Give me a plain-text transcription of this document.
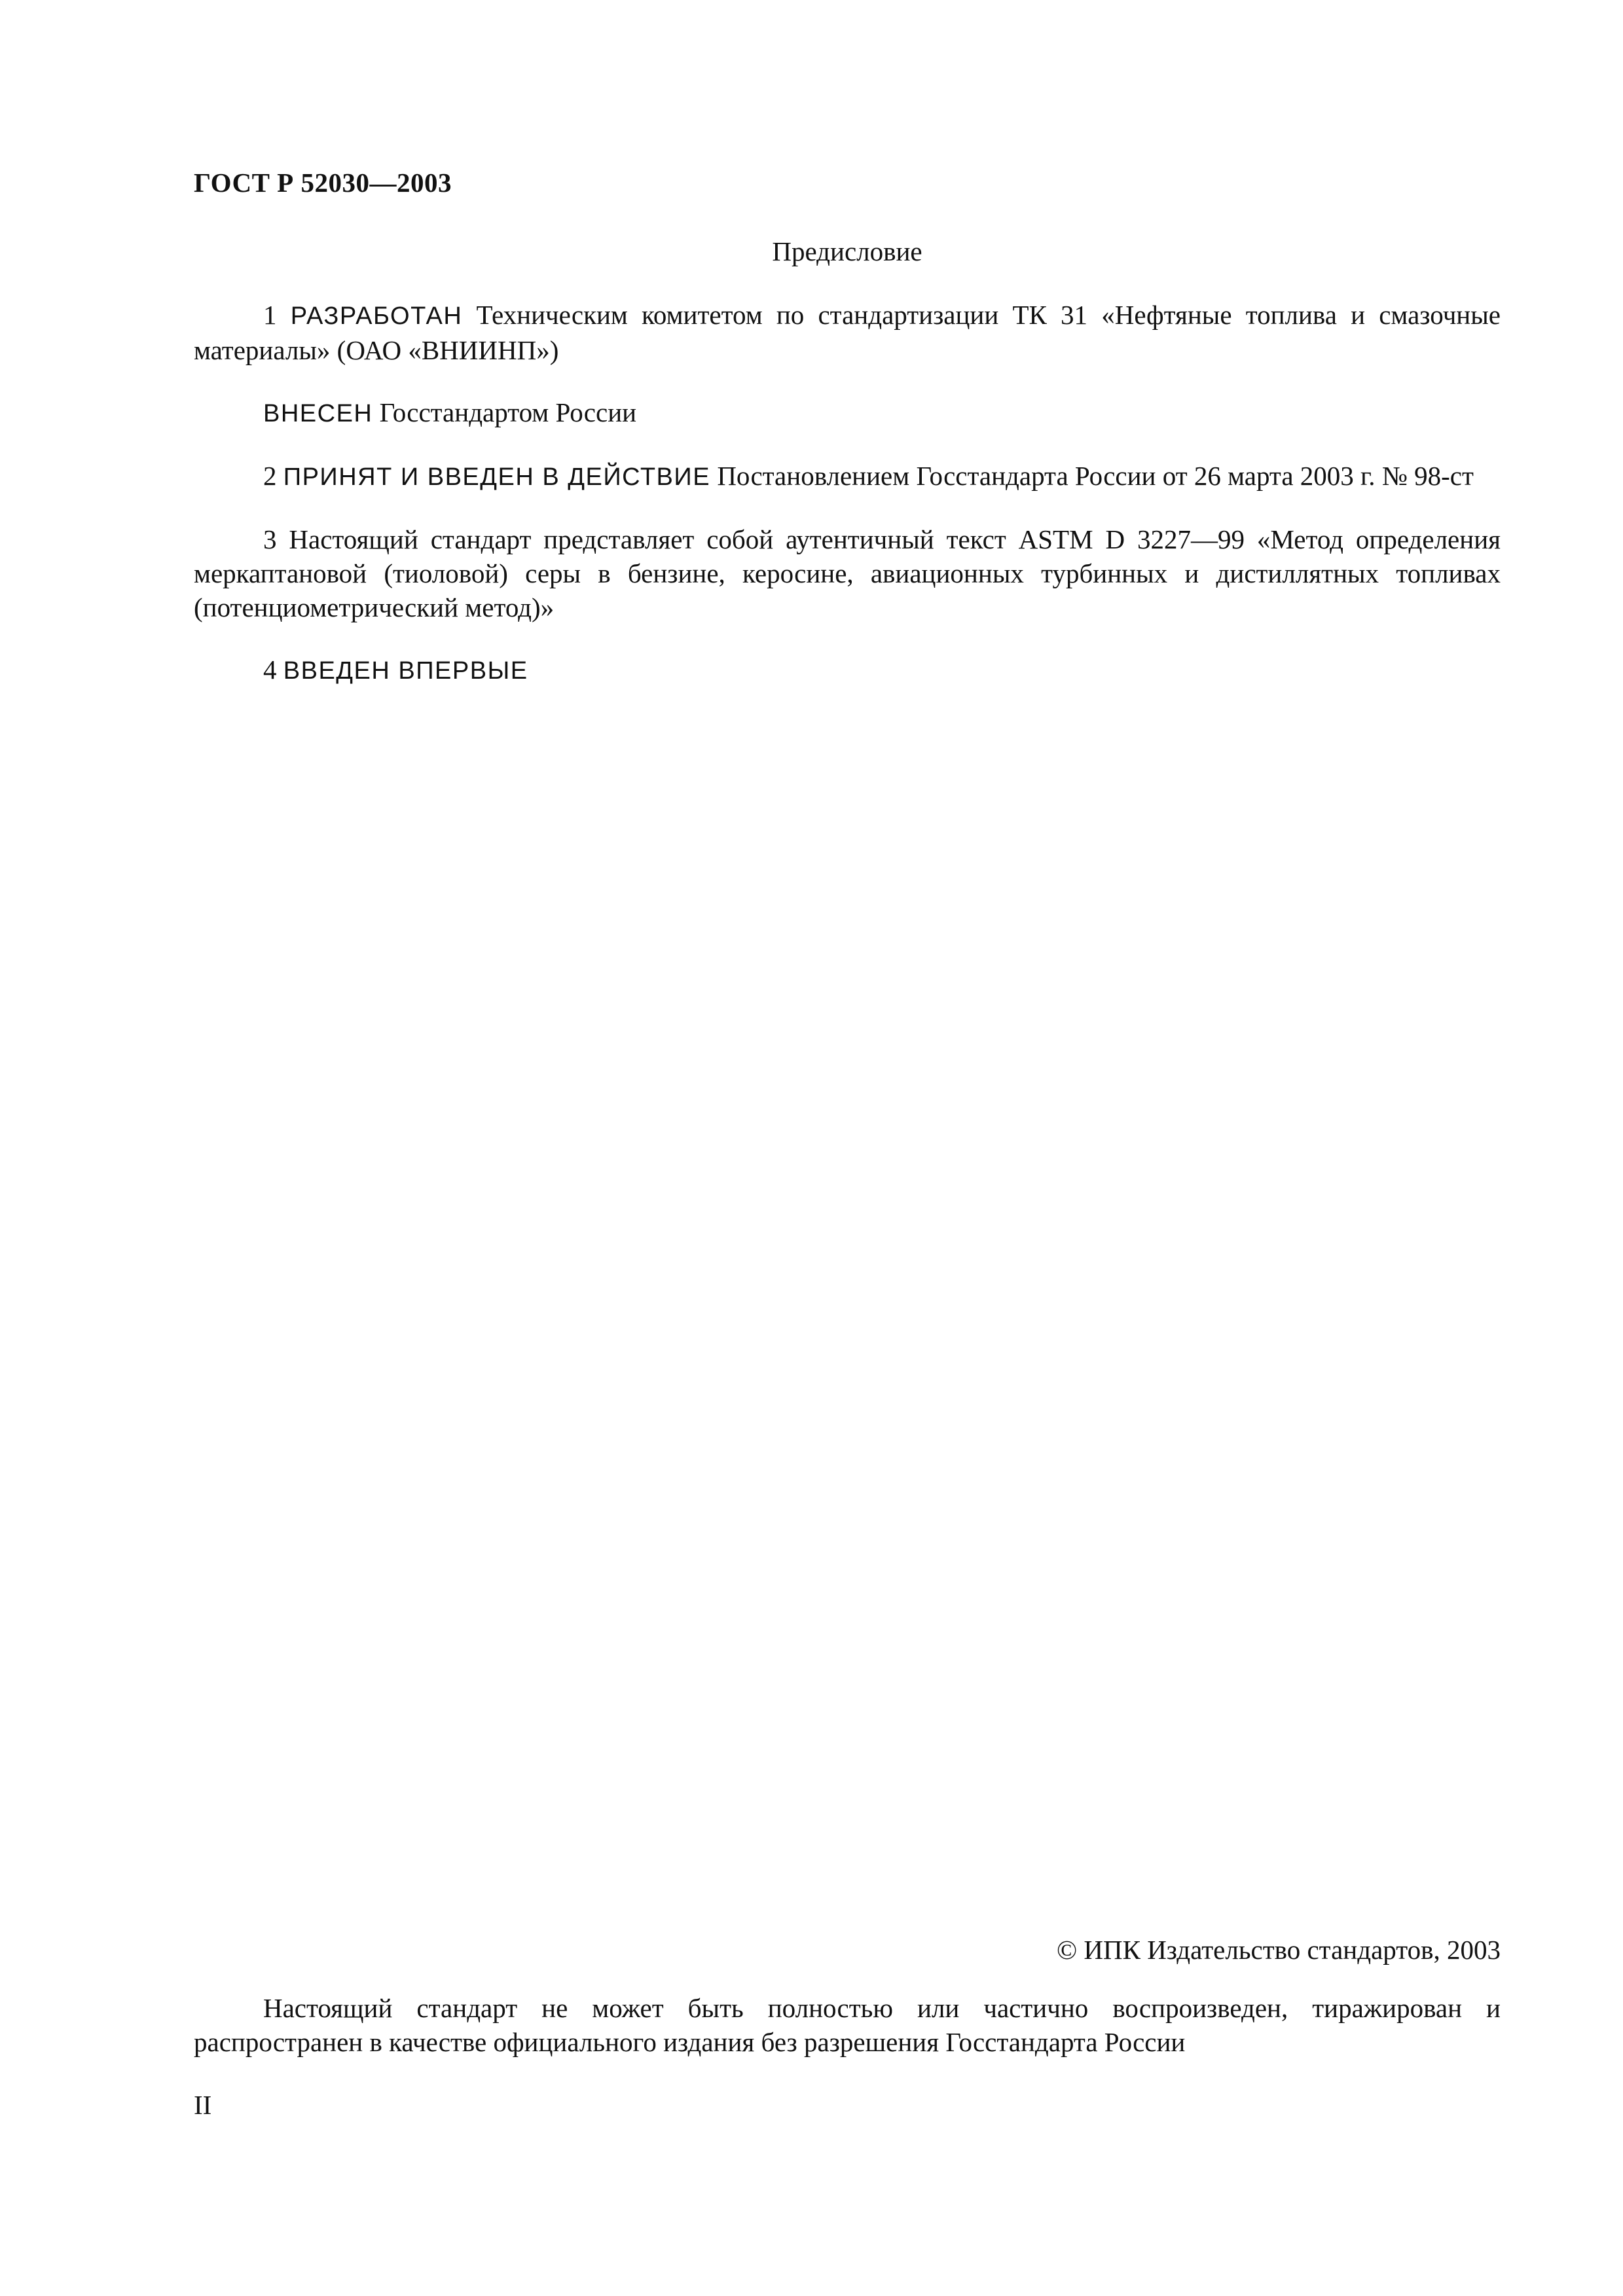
ГОСТ Р 52030—2003
Предисловие

1 РАЗРАБОТАН Техническим комитетом по стандартизации ТК 31 «Нефтяные топлива и смазочные материалы» (ОАО «ВНИИНП»)

ВНЕСЕН Госстандартом России

2 ПРИНЯТ И ВВЕДЕН В ДЕЙСТВИЕ Постановлением Госстандарта России от 26 марта 2003 г. № 98-ст

3 Настоящий стандарт представляет собой аутентичный текст ASTM D 3227—99 «Метод определения меркаптановой (тиоловой) серы в бензине, керосине, авиационных турбинных и дистиллятных топливах (потенциометрический метод)»

4 ВВЕДЕН ВПЕРВЫЕ

© ИПК Издательство стандартов, 2003

Настоящий стандарт не может быть полностью или частично воспроизведен, тиражирован и распространен в качестве официального издания без разрешения Госстандарта России

II
